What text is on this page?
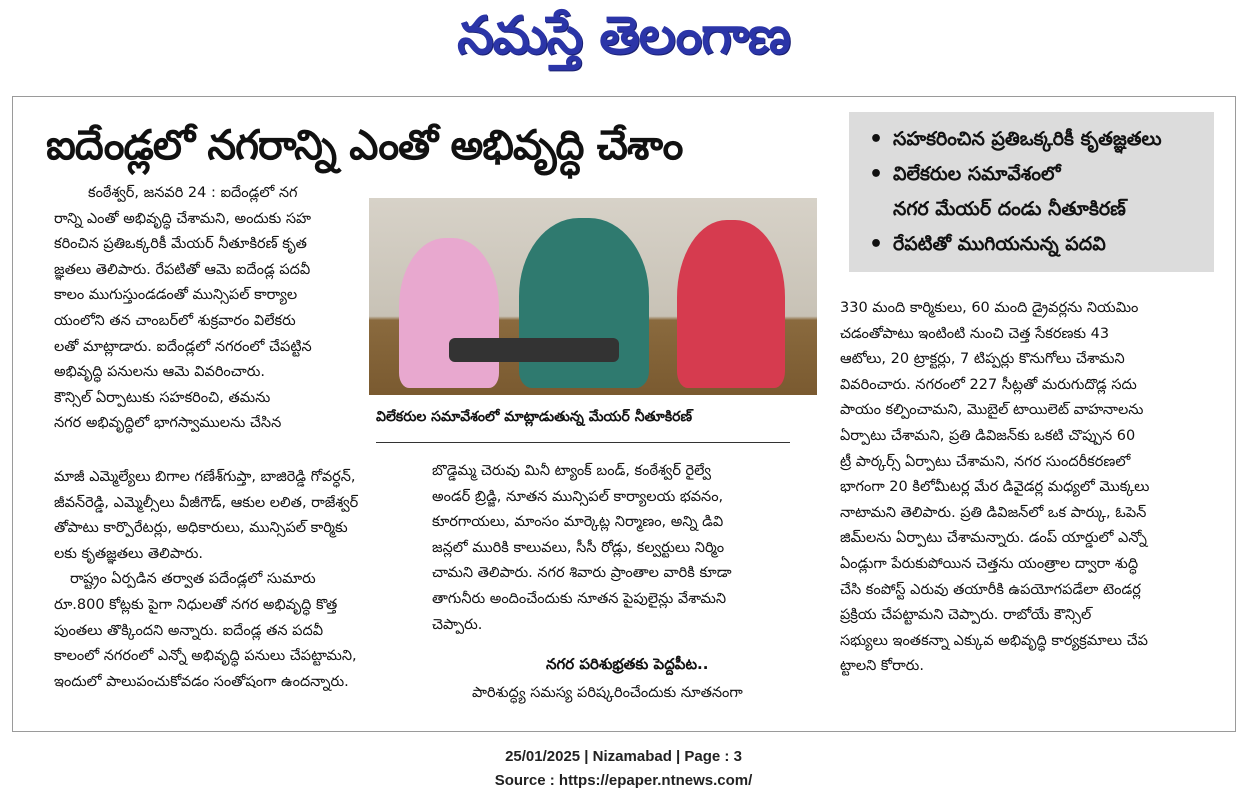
నమస్తే తెలంగాణ
ఐదేండ్లలో నగరాన్ని ఎంతో అభివృద్ధి చేశాం
•	సహకరించిన ప్రతిఒక్కరికీ కృతజ్ఞతలు
• విలేకరుల సమావేశంలో
నగర మేయర్ దండు నీతూకిరణ్
• రేపటితో ముగియనున్న పదవి

కంఠేశ్వర్, జనవరి 24 : ఐదేండ్లలో నగ

రాన్ని ఎంతో అభివృద్ధి చేశామని, అందుకు సహ

కరించిన ప్రతిఒక్కరికీ మేయర్ నీతూకిరణ్ కృత

జ్ఞతలు తెలిపారు. రేపటితో ఆమె ఐదేండ్ల పదవీ

కాలం ముగుస్తుండడంతో మున్సిపల్ కార్యాల

యంలోని తన చాంబర్‌లో శుక్రవారం విలేకరు

లతో మాట్లాడారు. ఐదేండ్లలో నగరంలో చేపట్టిన

అభివృద్ధి పనులను ఆమె వివరించారు.

కౌన్సిల్ ఏర్పాటుకు సహకరించి, తమను

నగర అభివృద్ధిలో భాగస్వాములను చేసిన	విలేకరుల సమావేశంలో మాట్లాడుతున్న మేయర్ నీతూకిరణ్

మాజీ ఎమ్మెల్యేలు బిగాల గణేశ్‌గుప్తా, బాజిరెడ్డి గోవర్ధన్,

జీవన్‌రెడ్డి, ఎమ్మెల్సీలు వీజీగౌడ్, ఆకుల లలిత, రాజేశ్వర్

తోపాటు కార్పొరేటర్లు, అధికారులు, మున్సిపల్ కార్మికు

లకు కృతజ్ఞతలు తెలిపారు.

రాష్ట్రం ఏర్పడిన తర్వాత పదేండ్లలో సుమారు

రూ.800 కోట్లకు పైగా నిధులతో నగర అభివృద్ధి కొత్త

పుంతలు తొక్కిందని అన్నారు. ఐదేండ్ల తన పదవీ

కాలంలో నగరంలో ఎన్నో అభివృద్ధి పనులు చేపట్టామని,

ఇందులో పాలుపంచుకోవడం సంతోషంగా ఉందన్నారు.

బొడ్డెమ్మ చెరువు మినీ ట్యాంక్ బండ్, కంఠేశ్వర్ రైల్వే

అండర్ బ్రిడ్జి, నూతన మున్సిపల్ కార్యాలయ భవనం,

కూరగాయలు, మాంసం మార్కెట్ల నిర్మాణం, అన్ని డివి

జన్లలో మురికి కాలువలు, సీసీ రోడ్లు, కల్వర్టులు నిర్మిం

చామని తెలిపారు. నగర శివారు ప్రాంతాల వారికి కూడా

తాగునీరు అందించేందుకు నూతన పైపులైన్లు వేశామని

చెప్పారు.

నగర పరిశుభ్రతకు పెద్దపీట..
పారిశుద్ధ్య సమస్య పరిష్కరించేందుకు నూతనంగా

330 మంది కార్మికులు, 60 మంది డ్రైవర్లను నియమిం

చడంతోపాటు ఇంటింటి నుంచి చెత్త సేకరణకు 43

ఆటోలు, 20 ట్రాక్టర్లు, 7 టిప్పర్లు కొనుగోలు చేశామని

వివరించారు. నగరంలో 227 సీట్లతో మరుగుదొడ్ల సదు

పాయం కల్పించామని, మొబైల్ టాయిలెట్ వాహనాలను

ఏర్పాటు చేశామని, ప్రతి డివిజన్‌కు ఒకటి చొప్పున 60

ట్రీ పార్కర్స్ ఏర్పాటు చేశామని, నగర సుందరీకరణలో

భాగంగా 20 కిలోమీటర్ల మేర డివైడర్ల మధ్యలో మొక్కలు

నాటామని తెలిపారు. ప్రతి డివిజన్‌లో ఒక పార్కు, ఓపెన్

జిమ్‌లను ఏర్పాటు చేశామన్నారు. డంప్ యార్డులో ఎన్నో

ఏండ్లుగా పేరుకుపోయిన చెత్తను యంత్రాల ద్వారా శుద్ధి

చేసి కంపోస్ట్ ఎరువు తయారీకి ఉపయోగపడేలా టెండర్ల

ప్రక్రియ చేపట్టామని చెప్పారు. రాబోయే కౌన్సిల్

సభ్యులు ఇంతకన్నా ఎక్కువ అభివృద్ధి కార్యక్రమాలు చేప

ట్టాలని కోరారు.

25/01/2025 | Nizamabad | Page : 3
Source : https://epaper.ntnews.com/
